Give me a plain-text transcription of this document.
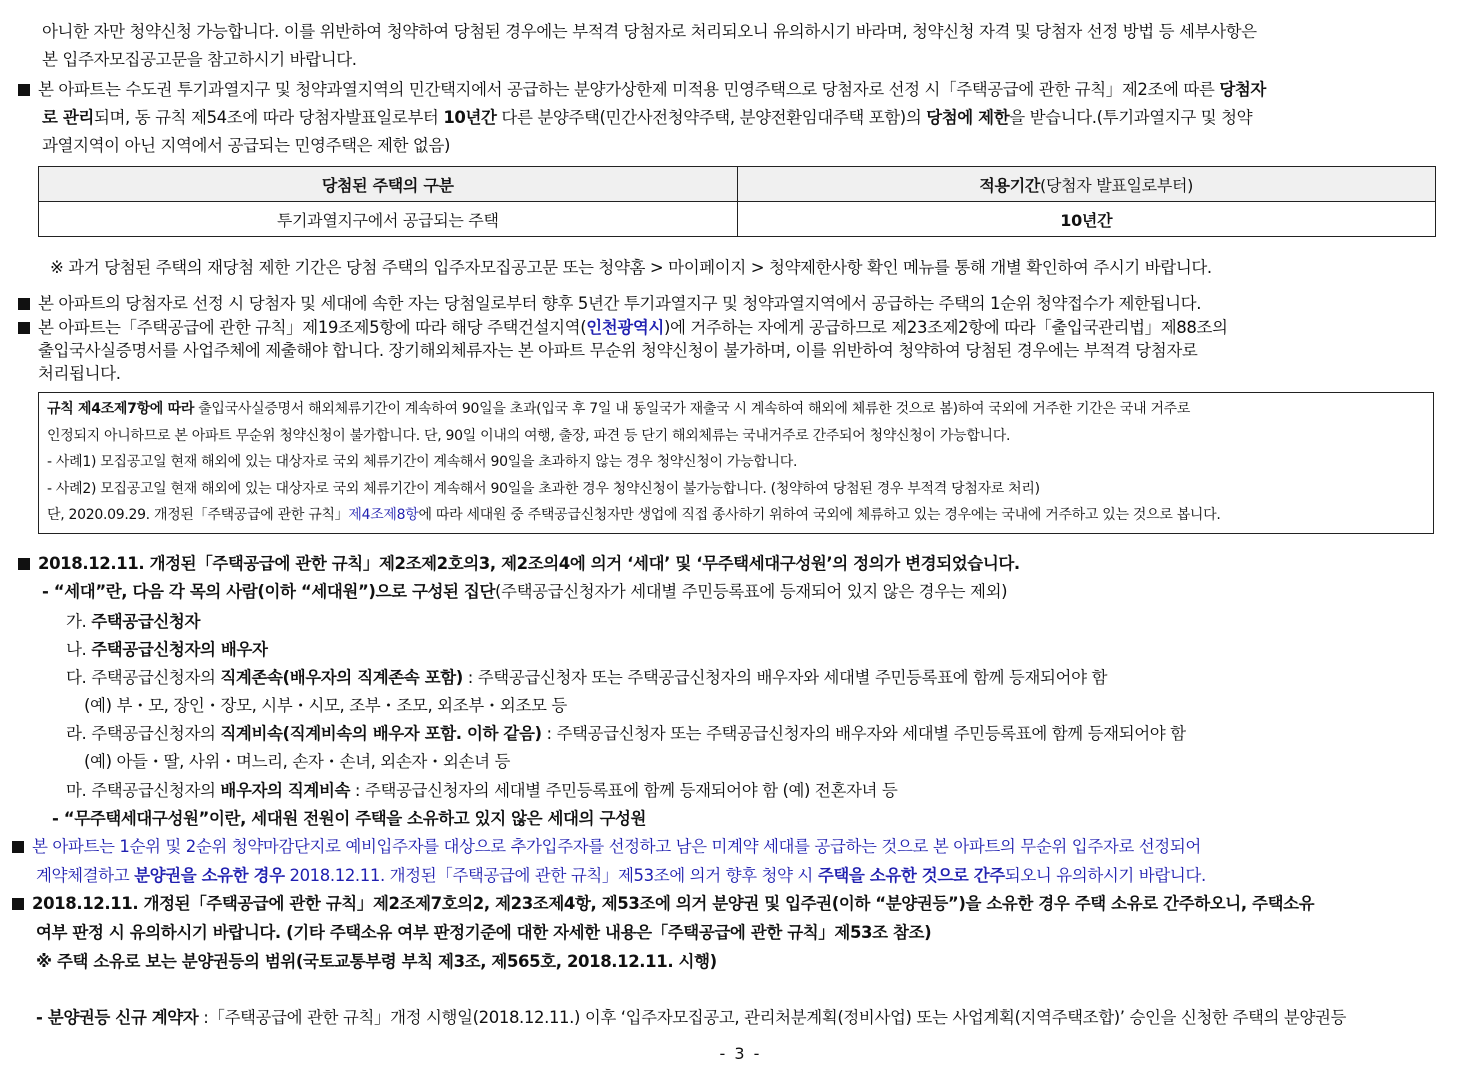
아니한 자만 청약신청 가능합니다. 이를 위반하여 청약하여 당첨된 경우에는 부적격 당첨자로 처리되오니 유의하시기 바라며, 청약신청 자격 및 당첨자 선정 방법 등 세부사항은
본 입주자모집공고문을 참고하시기 바랍니다.
본 아파트는 수도권 투기과열지구 및 청약과열지역의 민간택지에서 공급하는 분양가상한제 미적용 민영주택으로 당첨자로 선정 시「주택공급에 관한 규칙」제2조에 따른 당첨자
로 관리되며, 동 규칙 제54조에 따라 당첨자발표일로부터 10년간 다른 분양주택(민간사전청약주택, 분양전환임대주택 포함)의 당첨에 제한을 받습니다.(투기과열지구 및 청약
과열지역이 아닌 지역에서 공급되는 민영주택은 제한 없음)
당첨된 주택의 구분	적용기간(당첨자 발표일로부터)
투기과열지구에서 공급되는 주택	10년간
※ 과거 당첨된 주택의 재당첨 제한 기간은 당첨 주택의 입주자모집공고문 또는 청약홈 > 마이페이지 > 청약제한사항 확인 메뉴를 통해 개별 확인하여 주시기 바랍니다.
본 아파트의 당첨자로 선정 시 당첨자 및 세대에 속한 자는 당첨일로부터 향후 5년간 투기과열지구 및 청약과열지역에서 공급하는 주택의 1순위 청약접수가 제한됩니다.
본 아파트는「주택공급에 관한 규칙」제19조제5항에 따라 해당 주택건설지역(인천광역시)에 거주하는 자에게 공급하므로 제23조제2항에 따라「출입국관리법」제88조의
출입국사실증명서를 사업주체에 제출해야 합니다. 장기해외체류자는 본 아파트 무순위 청약신청이 불가하며, 이를 위반하여 청약하여 당첨된 경우에는 부적격 당첨자로
처리됩니다.
규칙 제4조제7항에 따라 출입국사실증명서 해외체류기간이 계속하여 90일을 초과(입국 후 7일 내 동일국가 재출국 시 계속하여 해외에 체류한 것으로 봄)하여 국외에 거주한 기간은 국내 거주로
인정되지 아니하므로 본 아파트 무순위 청약신청이 불가합니다. 단, 90일 이내의 여행, 출장, 파견 등 단기 해외체류는 국내거주로 간주되어 청약신청이 가능합니다.
- 사례1) 모집공고일 현재 해외에 있는 대상자로 국외 체류기간이 계속해서 90일을 초과하지 않는 경우 청약신청이 가능합니다.
- 사례2) 모집공고일 현재 해외에 있는 대상자로 국외 체류기간이 계속해서 90일을 초과한 경우 청약신청이 불가능합니다. (청약하여 당첨된 경우 부적격 당첨자로 처리)
단, 2020.09.29. 개정된「주택공급에 관한 규칙」제4조제8항에 따라 세대원 중 주택공급신청자만 생업에 직접 종사하기 위하여 국외에 체류하고 있는 경우에는 국내에 거주하고 있는 것으로 봅니다.
2018.12.11. 개정된「주택공급에 관한 규칙」제2조제2호의3, 제2조의4에 의거 ‘세대’ 및 ‘무주택세대구성원’의 정의가 변경되었습니다.
- “세대”란, 다음 각 목의 사람(이하 “세대원”)으로 구성된 집단(주택공급신청자가 세대별 주민등록표에 등재되어 있지 않은 경우는 제외)
가. 주택공급신청자
나. 주택공급신청자의 배우자
다. 주택공급신청자의 직계존속(배우자의 직계존속 포함) : 주택공급신청자 또는 주택공급신청자의 배우자와 세대별 주민등록표에 함께 등재되어야 함
(예) 부・모, 장인・장모, 시부・시모, 조부・조모, 외조부・외조모 등
라. 주택공급신청자의 직계비속(직계비속의 배우자 포함. 이하 같음) : 주택공급신청자 또는 주택공급신청자의 배우자와 세대별 주민등록표에 함께 등재되어야 함
(예) 아들・딸, 사위・며느리, 손자・손녀, 외손자・외손녀 등
마. 주택공급신청자의 배우자의 직계비속 : 주택공급신청자의 세대별 주민등록표에 함께 등재되어야 함 (예) 전혼자녀 등
- “무주택세대구성원”이란, 세대원 전원이 주택을 소유하고 있지 않은 세대의 구성원
본 아파트는 1순위 및 2순위 청약마감단지로 예비입주자를 대상으로 추가입주자를 선정하고 남은 미계약 세대를 공급하는 것으로 본 아파트의 무순위 입주자로 선정되어
계약체결하고 분양권을 소유한 경우 2018.12.11. 개정된「주택공급에 관한 규칙」제53조에 의거 향후 청약 시 주택을 소유한 것으로 간주되오니 유의하시기 바랍니다.
2018.12.11. 개정된「주택공급에 관한 규칙」제2조제7호의2, 제23조제4항, 제53조에 의거 분양권 및 입주권(이하 “분양권등”)을 소유한 경우 주택 소유로 간주하오니, 주택소유
여부 판정 시 유의하시기 바랍니다. (기타 주택소유 여부 판정기준에 대한 자세한 내용은「주택공급에 관한 규칙」제53조 참조)
※ 주택 소유로 보는 분양권등의 범위(국토교통부령 부칙 제3조, 제565호, 2018.12.11. 시행)
- 분양권등 신규 계약자 :「주택공급에 관한 규칙」개정 시행일(2018.12.11.) 이후 ‘입주자모집공고, 관리처분계획(정비사업) 또는 사업계획(지역주택조합)’ 승인을 신청한 주택의 분양권등
- 3 -
